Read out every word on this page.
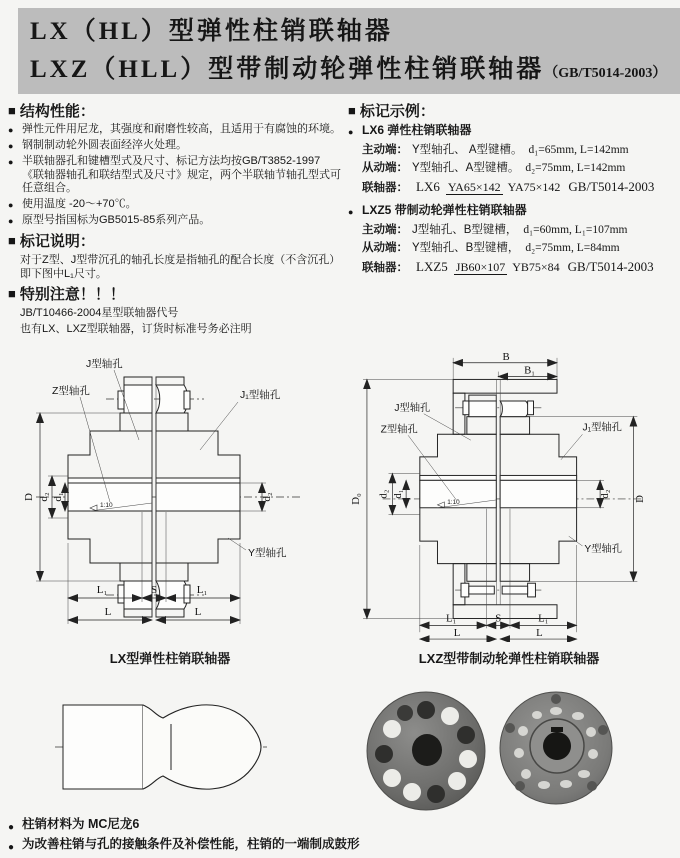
LX（HL）型弹性柱销联轴器
LXZ（HLL）型带制动轮弹性柱销联轴器（GB/T5014-2003）
■ 结构性能：
● 弹性元件用尼龙，其强度和耐磨性较高，且适用于有腐蚀的环境。
● 钢制制动轮外圆表面经淬火处理。
● 半联轴器孔和键槽型式及尺寸、标记方法均按GB/T3852-1997 《联轴器轴孔和联结型式及尺寸》规定，两个半联轴节轴孔型式可任意组合。
● 使用温度 -20～+70℃。
● 原型号指国标为GB5015-85系列产品。
■ 标记说明：
对于Z型、J型带沉孔的轴孔长度是指轴孔的配合长度（不含沉孔）即下图中L₁尺寸。
■ 特别注意！！！
JB/T10466-2004星型联轴器代号
也有LX、LXZ型联轴器，订货时标准号务必注明
■ 标记示例：
● LX6 弹性柱销联轴器
主动端： Y型轴孔、 A型键槽。 d₁=65mm, L=142mm
从动端： Y型轴孔、A型键槽。 d₂=75mm, L=142mm
联轴器： LX6 YA65×142 YA75×142 GB/T5014-2003
● LXZ5 带制动轮弹性柱销联轴器
主动端： J型轴孔、B型键槽， d₁=60mm, L₁=107mm
从动端： Y型轴孔、B型键槽， d₂=75mm, L=84mm
联轴器： LXZ5 JB60×107 YB75×84 GB/T5014-2003
1:10
D d₂ d₁	d₂
L₁	S	L₁
L	L
J型轴孔
Z型轴孔	J₁型轴孔
Y型轴孔
LX型弹性柱销联轴器
1:10
B
B₁
D₀ d₂ d₁	d₂
D
L₁	S	L₁
L	L
J型轴孔
Z型轴孔	J₁型轴孔
Y型轴孔
LXZ型带制动轮弹性柱销联轴器
● 柱销材料为 MC尼龙6
● 为改善柱销与孔的接触条件及补偿性能，柱销的一端制成鼓形
